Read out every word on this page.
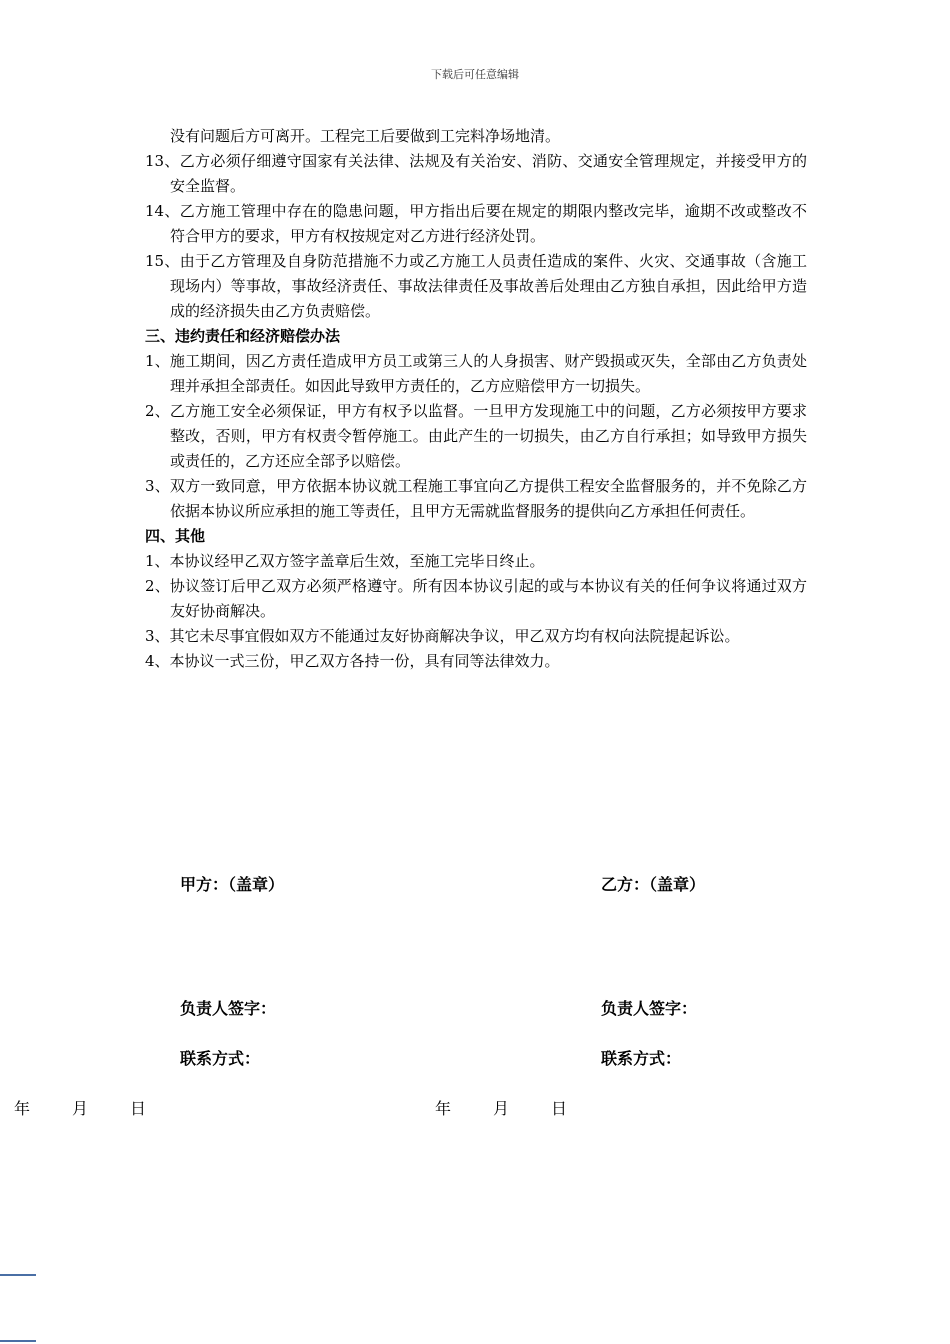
下载后可任意编辑
没有问题后方可离开。工程完工后要做到工完料净场地清。
13、乙方必须仔细遵守国家有关法律、法规及有关治安、消防、交通安全管理规定，并接受甲方的安全监督。
14、乙方施工管理中存在的隐患问题，甲方指出后要在规定的期限内整改完毕，逾期不改或整改不符合甲方的要求，甲方有权按规定对乙方进行经济处罚。
15、由于乙方管理及自身防范措施不力或乙方施工人员责任造成的案件、火灾、交通事故（含施工现场内）等事故，事故经济责任、事故法律责任及事故善后处理由乙方独自承担，因此给甲方造成的经济损失由乙方负责赔偿。
三、违约责任和经济赔偿办法
1、施工期间，因乙方责任造成甲方员工或第三人的人身损害、财产毁损或灭失，全部由乙方负责处理并承担全部责任。如因此导致甲方责任的，乙方应赔偿甲方一切损失。
2、乙方施工安全必须保证，甲方有权予以监督。一旦甲方发现施工中的问题，乙方必须按甲方要求整改，否则，甲方有权责令暂停施工。由此产生的一切损失，由乙方自行承担；如导致甲方损失或责任的，乙方还应全部予以赔偿。
3、双方一致同意，甲方依据本协议就工程施工事宜向乙方提供工程安全监督服务的，并不免除乙方依据本协议所应承担的施工等责任，且甲方无需就监督服务的提供向乙方承担任何责任。
四、其他
1、本协议经甲乙双方签字盖章后生效，至施工完毕日终止。
2、协议签订后甲乙双方必须严格遵守。所有因本协议引起的或与本协议有关的任何争议将通过双方友好协商解决。
3、其它未尽事宜假如双方不能通过友好协商解决争议，甲乙双方均有权向法院提起诉讼。
4、本协议一式三份，甲乙双方各持一份，具有同等法律效力。
甲方：（盖章）	乙方：（盖章）
负责人签字：	负责人签字：
联系方式：	联系方式：
年	月	日	年	月	日
